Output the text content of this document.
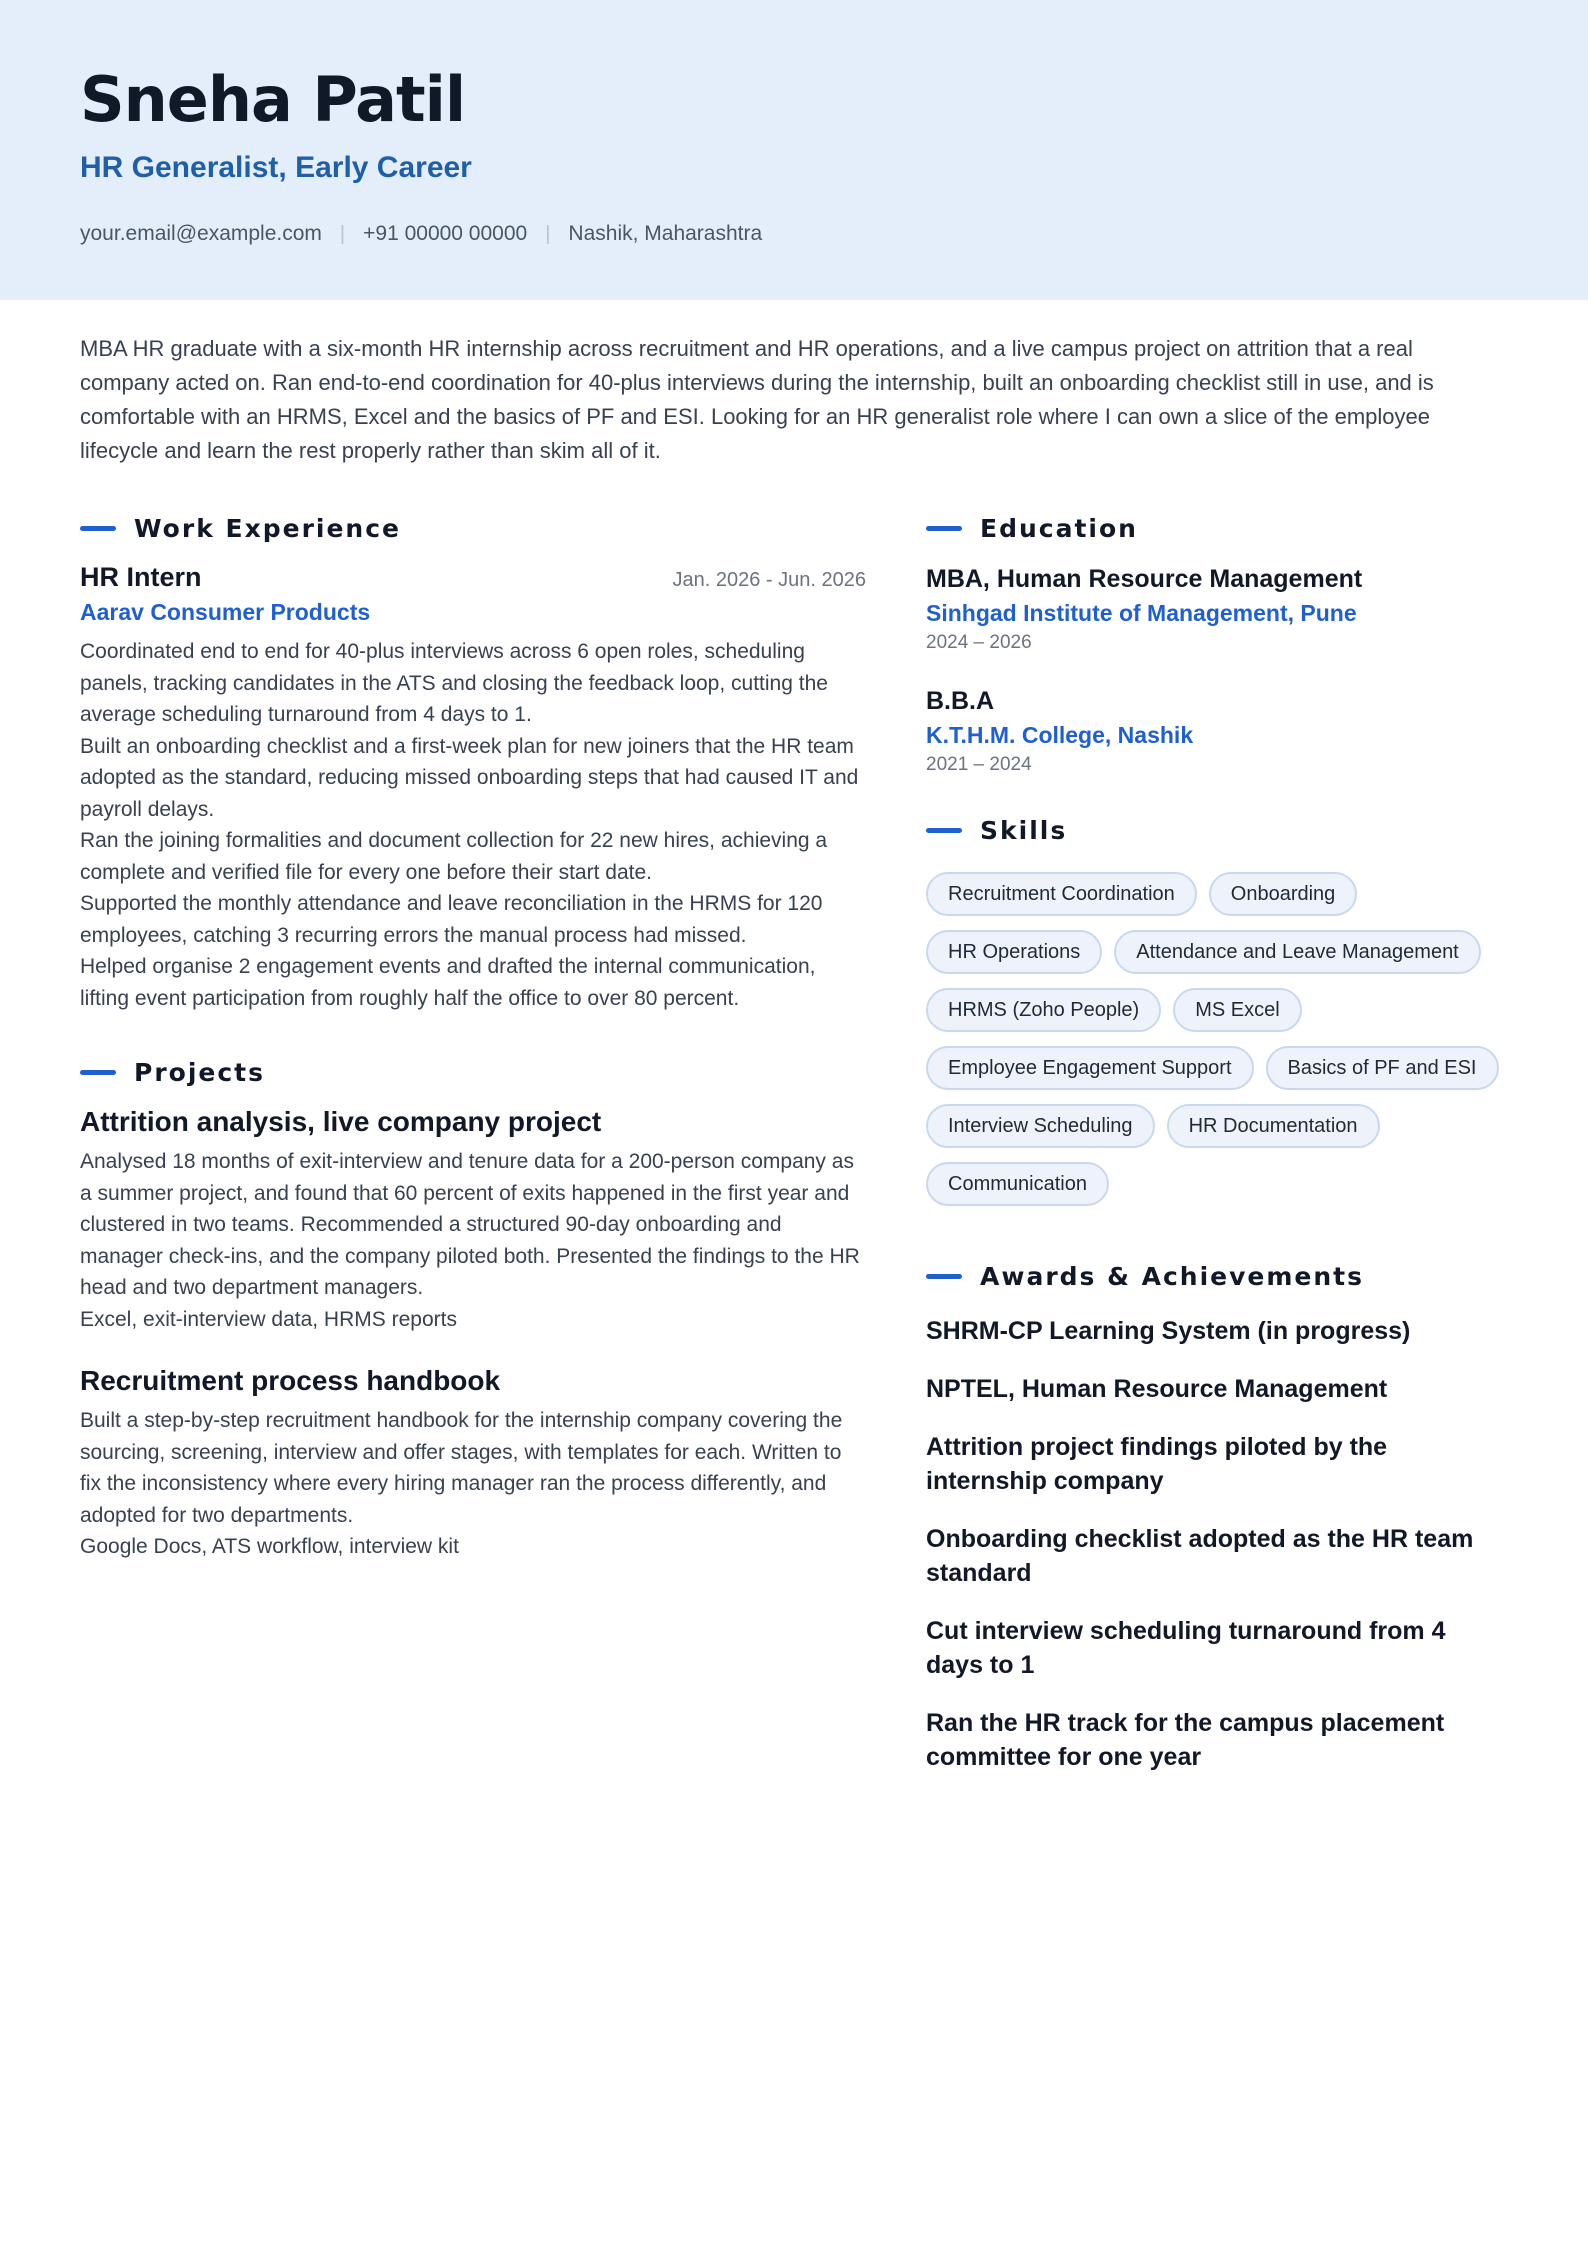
Sneha Patil
HR Generalist, Early Career
your.email@example.com | +91 00000 00000 | Nashik, Maharashtra
MBA HR graduate with a six-month HR internship across recruitment and HR operations, and a live campus project on attrition that a real company acted on. Ran end-to-end coordination for 40-plus interviews during the internship, built an onboarding checklist still in use, and is comfortable with an HRMS, Excel and the basics of PF and ESI. Looking for an HR generalist role where I can own a slice of the employee lifecycle and learn the rest properly rather than skim all of it.
Work Experience
HR Intern	Jan. 2026 - Jun. 2026
Aarav Consumer Products
Coordinated end to end for 40-plus interviews across 6 open roles, scheduling panels, tracking candidates in the ATS and closing the feedback loop, cutting the average scheduling turnaround from 4 days to 1.
Built an onboarding checklist and a first-week plan for new joiners that the HR team adopted as the standard, reducing missed onboarding steps that had caused IT and payroll delays.
Ran the joining formalities and document collection for 22 new hires, achieving a complete and verified file for every one before their start date.
Supported the monthly attendance and leave reconciliation in the HRMS for 120 employees, catching 3 recurring errors the manual process had missed.
Helped organise 2 engagement events and drafted the internal communication, lifting event participation from roughly half the office to over 80 percent.
Projects
Attrition analysis, live company project
Analysed 18 months of exit-interview and tenure data for a 200-person company as a summer project, and found that 60 percent of exits happened in the first year and clustered in two teams. Recommended a structured 90-day onboarding and manager check-ins, and the company piloted both. Presented the findings to the HR head and two department managers.
Excel, exit-interview data, HRMS reports
Recruitment process handbook
Built a step-by-step recruitment handbook for the internship company covering the sourcing, screening, interview and offer stages, with templates for each. Written to fix the inconsistency where every hiring manager ran the process differently, and adopted for two departments.
Google Docs, ATS workflow, interview kit
Education
MBA, Human Resource Management
Sinhgad Institute of Management, Pune
2024 – 2026
B.B.A
K.T.H.M. College, Nashik
2021 – 2024
Skills
Recruitment Coordination	Onboarding
HR Operations	Attendance and Leave Management
HRMS (Zoho People)	MS Excel
Employee Engagement Support	Basics of PF and ESI
Interview Scheduling	HR Documentation
Communication
Awards & Achievements
SHRM-CP Learning System (in progress)
NPTEL, Human Resource Management
Attrition project findings piloted by the internship company
Onboarding checklist adopted as the HR team standard
Cut interview scheduling turnaround from 4 days to 1
Ran the HR track for the campus placement committee for one year
